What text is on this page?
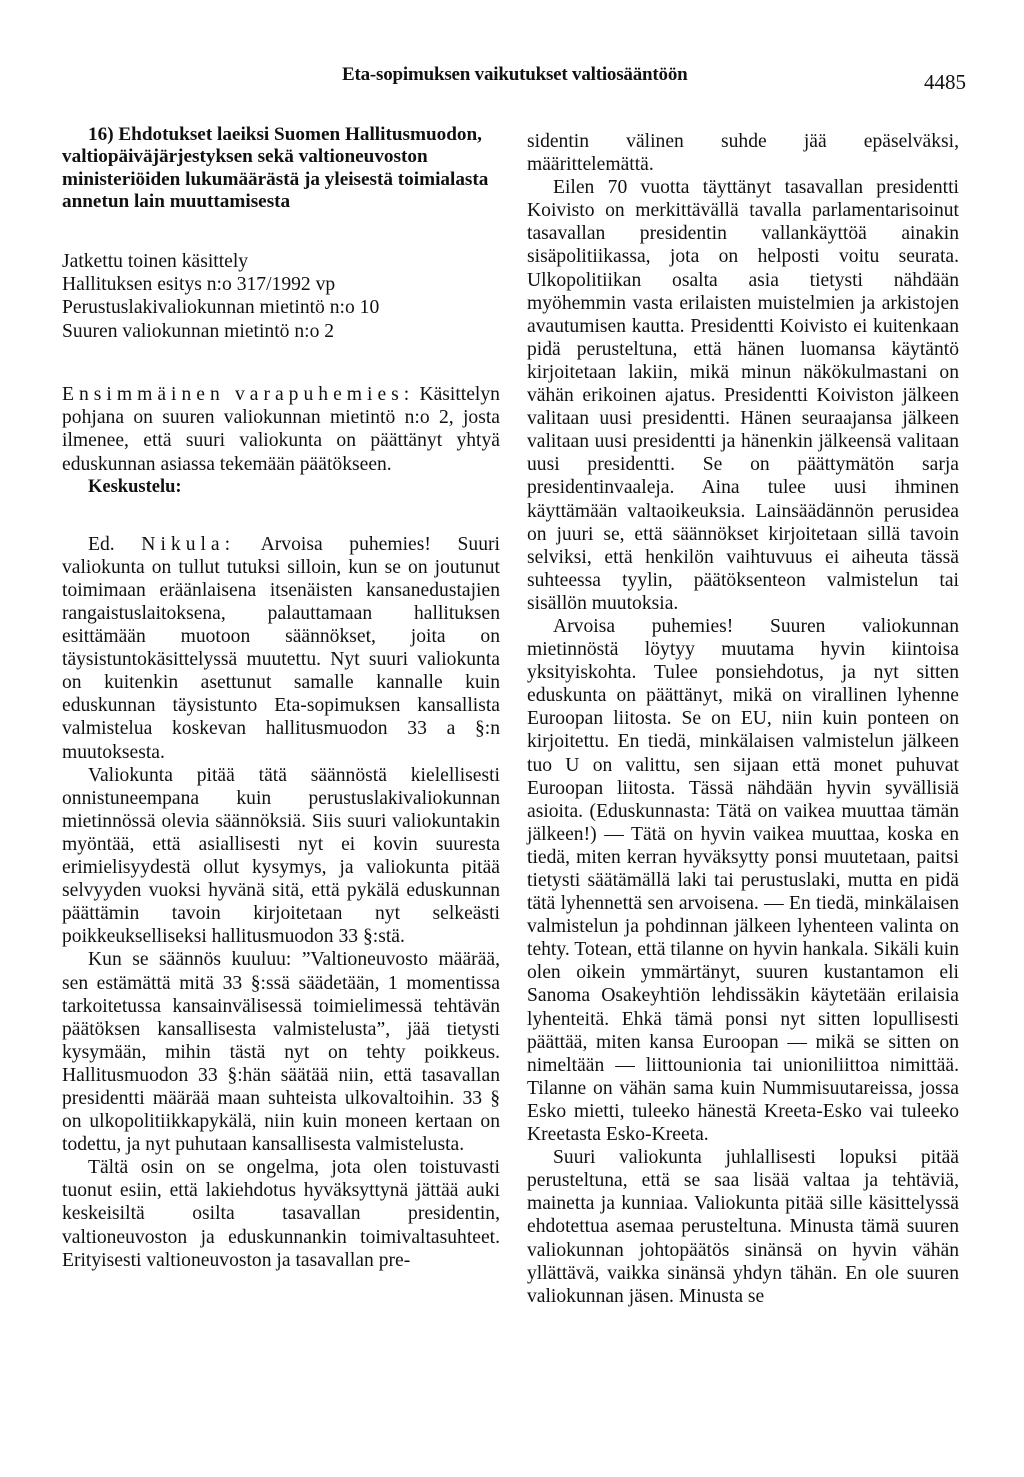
Eta-sopimuksen vaikutukset valtiosääntöön	4485

16) Ehdotukset laeiksi Suomen Hallitusmuodon, valtiopäiväjärjestyksen sekä valtioneuvoston ministeriöiden lukumäärästä ja yleisestä toimialasta annetun lain muuttamisesta

Jatkettu toinen käsittely
Hallituksen esitys n:o 317/1992 vp
Perustuslakivaliokunnan mietintö n:o 10
Suuren valiokunnan mietintö n:o 2

Ensimmäinen varapuhemies: Käsittelyn pohjana on suuren valiokunnan mietintö n:o 2, josta ilmenee, että suuri valiokunta on päättänyt yhtyä eduskunnan asiassa tekemään päätökseen.

Keskustelu:

Ed. Nikula: Arvoisa puhemies! Suuri valiokunta on tullut tutuksi silloin, kun se on joutunut toimimaan eräänlaisena itsenäisten kansanedustajien rangaistuslaitoksena, palauttamaan hallituksen esittämään muotoon säännökset, joita on täysistuntokäsittelyssä muutettu. Nyt suuri valiokunta on kuitenkin asettunut samalle kannalle kuin eduskunnan täysistunto Eta-sopimuksen kansallista valmistelua koskevan hallitusmuodon 33 a §:n muutoksesta.

Valiokunta pitää tätä säännöstä kielellisesti onnistuneempana kuin perustuslakivaliokunnan mietinnössä olevia säännöksiä. Siis suuri valiokuntakin myöntää, että asiallisesti nyt ei kovin suuresta erimielisyydestä ollut kysymys, ja valiokunta pitää selvyyden vuoksi hyvänä sitä, että pykälä eduskunnan päättämin tavoin kirjoitetaan nyt selkeästi poikkeukselliseksi hallitusmuodon 33 §:stä.

Kun se säännös kuuluu: ”Valtioneuvosto määrää, sen estämättä mitä 33 §:ssä säädetään, 1 momentissa tarkoitetussa kansainvälisessä toimielimessä tehtävän päätöksen kansallisesta valmistelusta”, jää tietysti kysymään, mihin tästä nyt on tehty poikkeus. Hallitusmuodon 33 §:hän säätää niin, että tasavallan presidentti määrää maan suhteista ulkovaltoihin. 33 § on ulkopolitiikkapykälä, niin kuin moneen kertaan on todettu, ja nyt puhutaan kansallisesta valmistelusta.

Tältä osin on se ongelma, jota olen toistuvasti tuonut esiin, että lakiehdotus hyväksyttynä jättää auki keskeisiltä osilta tasavallan presidentin, valtioneuvoston ja eduskunnankin toimivaltasuhteet. Erityisesti valtioneuvoston ja tasavallan pre-

sidentin välinen suhde jää epäselväksi, määrittelemättä.

Eilen 70 vuotta täyttänyt tasavallan presidentti Koivisto on merkittävällä tavalla parlamentarisoinut tasavallan presidentin vallankäyttöä ainakin sisäpolitiikassa, jota on helposti voitu seurata. Ulkopolitiikan osalta asia tietysti nähdään myöhemmin vasta erilaisten muistelmien ja arkistojen avautumisen kautta. Presidentti Koivisto ei kuitenkaan pidä perusteltuna, että hänen luomansa käytäntö kirjoitetaan lakiin, mikä minun näkökulmastani on vähän erikoinen ajatus. Presidentti Koiviston jälkeen valitaan uusi presidentti. Hänen seuraajansa jälkeen valitaan uusi presidentti ja hänenkin jälkeensä valitaan uusi presidentti. Se on päättymätön sarja presidentinvaaleja. Aina tulee uusi ihminen käyttämään valtaoikeuksia. Lainsäädännön perusidea on juuri se, että säännökset kirjoitetaan sillä tavoin selviksi, että henkilön vaihtuvuus ei aiheuta tässä suhteessa tyylin, päätöksenteon valmistelun tai sisällön muutoksia.

Arvoisa puhemies! Suuren valiokunnan mietinnöstä löytyy muutama hyvin kiintoisa yksityiskohta. Tulee ponsiehdotus, ja nyt sitten eduskunta on päättänyt, mikä on virallinen lyhenne Euroopan liitosta. Se on EU, niin kuin ponteen on kirjoitettu. En tiedä, minkälaisen valmistelun jälkeen tuo U on valittu, sen sijaan että monet puhuvat Euroopan liitosta. Tässä nähdään hyvin syvällisiä asioita. (Eduskunnasta: Tätä on vaikea muuttaa tämän jälkeen!) — Tätä on hyvin vaikea muuttaa, koska en tiedä, miten kerran hyväksytty ponsi muutetaan, paitsi tietysti säätämällä laki tai perustuslaki, mutta en pidä tätä lyhennettä sen arvoisena. — En tiedä, minkälaisen valmistelun ja pohdinnan jälkeen lyhenteen valinta on tehty. Totean, että tilanne on hyvin hankala. Sikäli kuin olen oikein ymmärtänyt, suuren kustantamon eli Sanoma Osakeyhtiön lehdissäkin käytetään erilaisia lyhenteitä. Ehkä tämä ponsi nyt sitten lopullisesti päättää, miten kansa Euroopan — mikä se sitten on nimeltään — liittounionia tai unioniliittoa nimittää. Tilanne on vähän sama kuin Nummisuutareissa, jossa Esko mietti, tuleeko hänestä Kreeta-Esko vai tuleeko Kreetasta Esko-Kreeta.

Suuri valiokunta juhlallisesti lopuksi pitää perusteltuna, että se saa lisää valtaa ja tehtäviä, mainetta ja kunniaa. Valiokunta pitää sille käsittelyssä ehdotettua asemaa perusteltuna. Minusta tämä suuren valiokunnan johtopäätös sinänsä on hyvin vähän yllättävä, vaikka sinänsä yhdyn tähän. En ole suuren valiokunnan jäsen. Minusta se
